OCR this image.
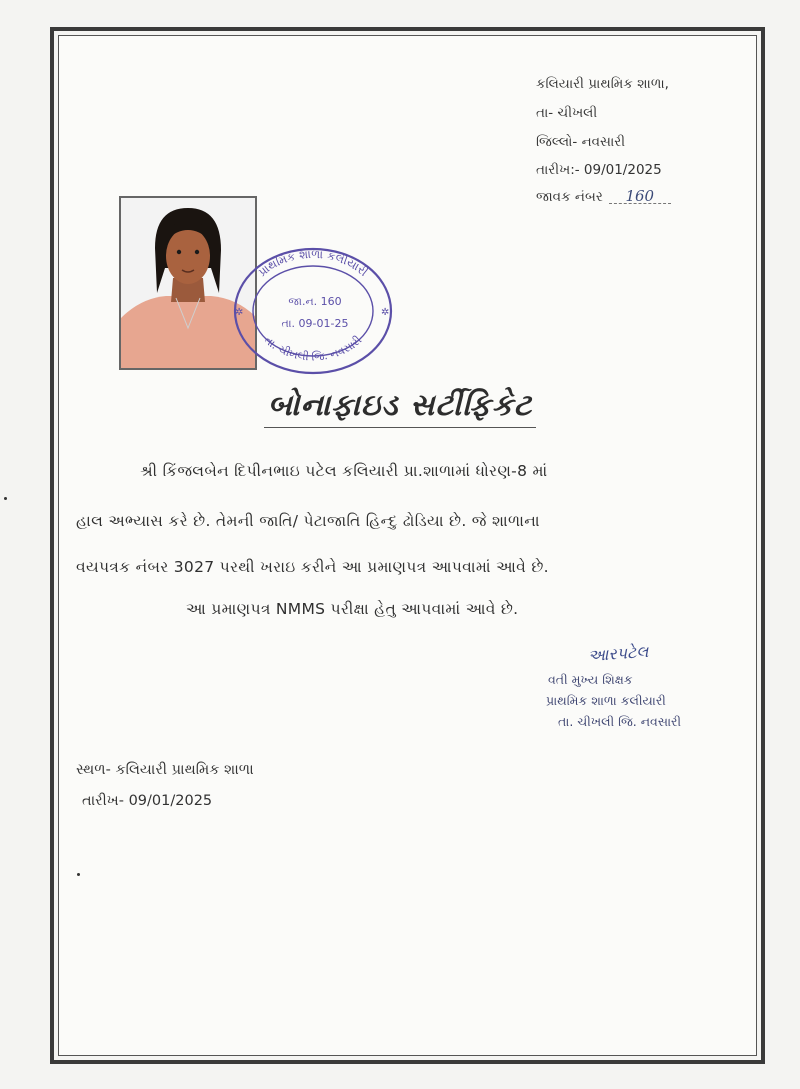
કલિયારી પ્રાથમિક શાળા,
તા- ચીખલી
જિલ્લો- નવસારી
તારીખ:- 09/01/2025
જાવક નંબર 160
પ્રાથમિક શાળા કલીયારી
તા. ચીખલી જિ. નવસારી
જા.ન. 160
તા. 09-01-25
✲	✲
બોનાફાઇડ સર્ટીફિકેટ
શ્રી કિંજલબેન દિપીનભાઇ પટેલ કલિયારી પ્રા.શાળામાં ધોરણ-8 માં
હાલ અભ્યાસ કરે છે. તેમની જાતિ/ પેટાજાતિ હિન્દુ ઢોડિયા છે. જે શાળાના
વયપત્રક નંબર 3027 પરથી ખરાઇ કરીને આ પ્રમાણપત્ર આપવામાં આવે છે.
આ પ્રમાણપત્ર NMMS પરીક્ષા હેતુ આપવામાં આવે છે.
આરપટેલ
વતી મુખ્ય શિક્ષક
પ્રાથમિક શાળા કલીયારી
તા. ચીખલી જિ. નવસારી
સ્થળ- કલિયારી પ્રાથમિક શાળા
તારીખ- 09/01/2025
